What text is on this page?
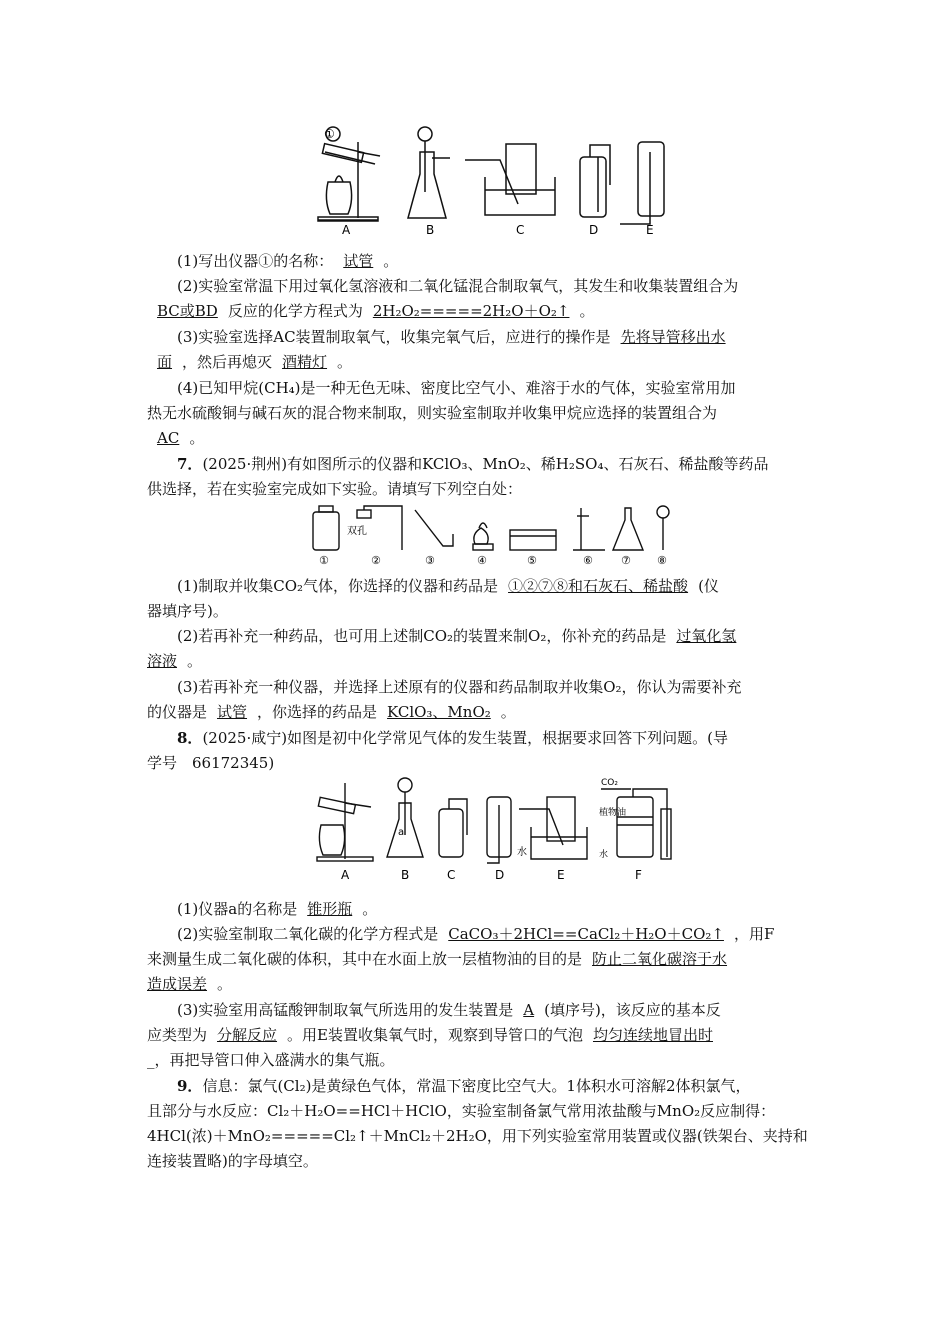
A	B	C	D	E
①
(1)写出仪器①的名称： 试管 。
(2)实验室常温下用过氧化氢溶液和二氧化锰混合制取氧气，其发生和收集装置组合为
BC或BD 反应的化学方程式为 2H₂O₂=====2H₂O＋O₂↑ 。
(3)实验室选择AC装置制取氧气，收集完氧气后，应进行的操作是 先将导管移出水
面 ，然后再熄灭 酒精灯 。
(4)已知甲烷(CH₄)是一种无色无味、密度比空气小、难溶于水的气体，实验室常用加
热无水硫酸铜与碱石灰的混合物来制取，则实验室制取并收集甲烷应选择的装置组合为
AC 。
7．(2025·荆州)有如图所示的仪器和KClO₃、MnO₂、稀H₂SO₄、石灰石、稀盐酸等药品
供选择，若在实验室完成如下实验。请填写下列空白处：
双孔
①	②	③	④	⑤	⑥	⑦ ⑧
(1)制取并收集CO₂气体，你选择的仪器和药品是 ①②⑦⑧和石灰石、稀盐酸 (仪
器填序号)。
(2)若再补充一种药品，也可用上述制CO₂的装置来制O₂，你补充的药品是 过氧化氢
溶液 。
(3)若再补充一种仪器，并选择上述原有的仪器和药品制取并收集O₂，你认为需要补充
的仪器是 试管 ，你选择的药品是 KClO₃、MnO₂ 。
8．(2025·咸宁)如图是初中化学常见气体的发生装置，根据要求回答下列问题。(导
学号　66172345)
a
CO₂
植物油
水
水
A	B	C	D	E	F
(1)仪器a的名称是 锥形瓶 。
(2)实验室制取二氧化碳的化学方程式是 CaCO₃＋2HCl==CaCl₂＋H₂O＋CO₂↑ ，用F
来测量生成二氧化碳的体积，其中在水面上放一层植物油的目的是 防止二氧化碳溶于水
造成误差 。
(3)实验室用高锰酸钾制取氧气所选用的发生装置是 A (填序号)，该反应的基本反
应类型为 分解反应 。用E装置收集氧气时，观察到导管口的气泡 均匀连续地冒出时
_，再把导管口伸入盛满水的集气瓶。
9．信息：氯气(Cl₂)是黄绿色气体，常温下密度比空气大。1体积水可溶解2体积氯气，
且部分与水反应：Cl₂＋H₂O==HCl＋HClO，实验室制备氯气常用浓盐酸与MnO₂反应制得：
4HCl(浓)＋MnO₂=====Cl₂↑＋MnCl₂＋2H₂O，用下列实验室常用装置或仪器(铁架台、夹持和
连接装置略)的字母填空。
